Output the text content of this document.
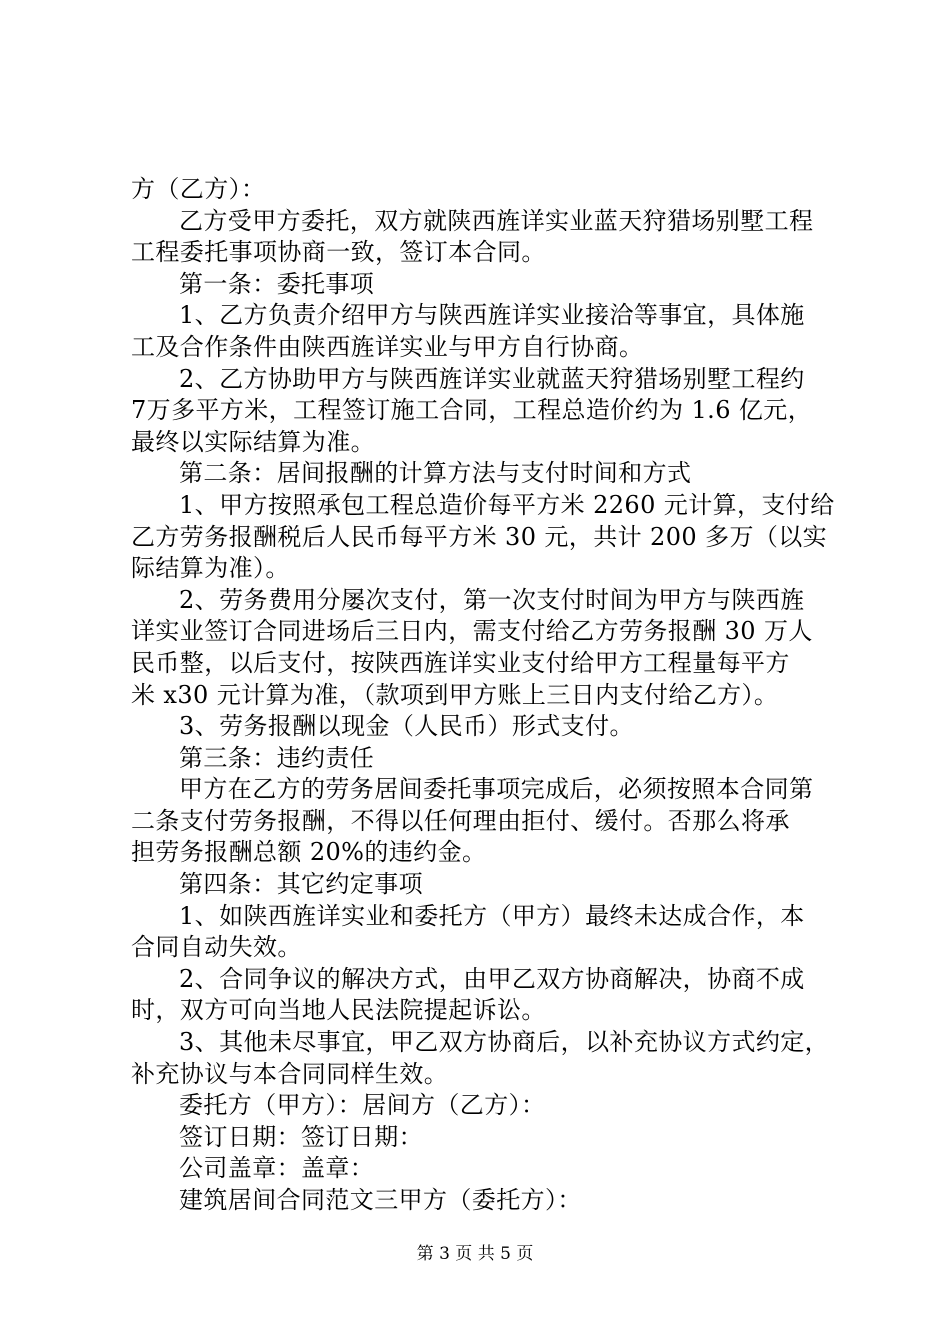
方（乙方）：
乙方受甲方委托，双方就陕西旌详实业蓝天狩猎场别墅工程
工程委托事项协商一致，签订本合同。
第一条：委托事项
1、乙方负责介绍甲方与陕西旌详实业接洽等事宜，具体施
工及合作条件由陕西旌详实业与甲方自行协商。
2、乙方协助甲方与陕西旌详实业就蓝天狩猎场别墅工程约
7万多平方米，工程签订施工合同，工程总造价约为 1.6 亿元，
最终以实际结算为准。
第二条：居间报酬的计算方法与支付时间和方式
1、甲方按照承包工程总造价每平方米 2260 元计算，支付给
乙方劳务报酬税后人民币每平方米 30 元，共计 200 多万（以实
际结算为准）。
2、劳务费用分屡次支付，第一次支付时间为甲方与陕西旌
详实业签订合同进场后三日内，需支付给乙方劳务报酬 30 万人
民币整，以后支付，按陕西旌详实业支付给甲方工程量每平方
米 x30 元计算为准，（款项到甲方账上三日内支付给乙方）。
3、劳务报酬以现金（人民币）形式支付。
第三条：违约责任
甲方在乙方的劳务居间委托事项完成后，必须按照本合同第
二条支付劳务报酬，不得以任何理由拒付、缓付。否那么将承
担劳务报酬总额 20%的违约金。
第四条：其它约定事项
1、如陕西旌详实业和委托方（甲方）最终未达成合作，本
合同自动失效。
2、合同争议的解决方式，由甲乙双方协商解决，协商不成
时，双方可向当地人民法院提起诉讼。
3、其他未尽事宜，甲乙双方协商后，以补充协议方式约定，
补充协议与本合同同样生效。
委托方（甲方）：居间方（乙方）：
签订日期：签订日期：
公司盖章：盖章：
建筑居间合同范文三甲方（委托方）：
第 3 页 共 5 页
